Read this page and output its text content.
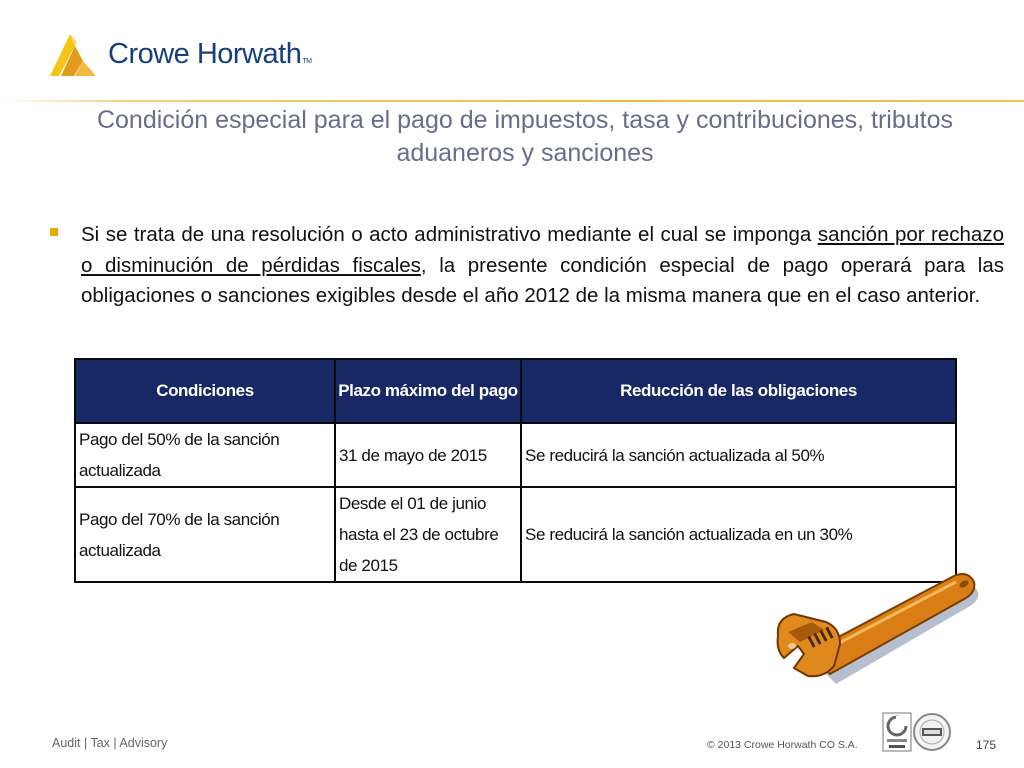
Crowe HorwathTM
Condición especial para el pago de impuestos, tasa y contribuciones, tributos aduaneros y sanciones
Si se trata de una resolución o acto administrativo mediante el cual se imponga sanción por rechazo o disminución de pérdidas fiscales, la presente condición especial de pago operará para las obligaciones o sanciones exigibles desde el año 2012 de la misma manera que en el caso anterior.
Condiciones	Plazo máximo del pago	Reducción de las obligaciones
Pago del 50% de la sanción actualizada	31 de mayo de 2015	Se reducirá la sanción actualizada al 50%
Pago del 70% de la sanción actualizada	Desde el 01 de junio hasta el 23 de octubre de 2015	Se reducirá la sanción actualizada en un 30%
Audit | Tax | Advisory	© 2013 Crowe Horwath CO S.A.	175
